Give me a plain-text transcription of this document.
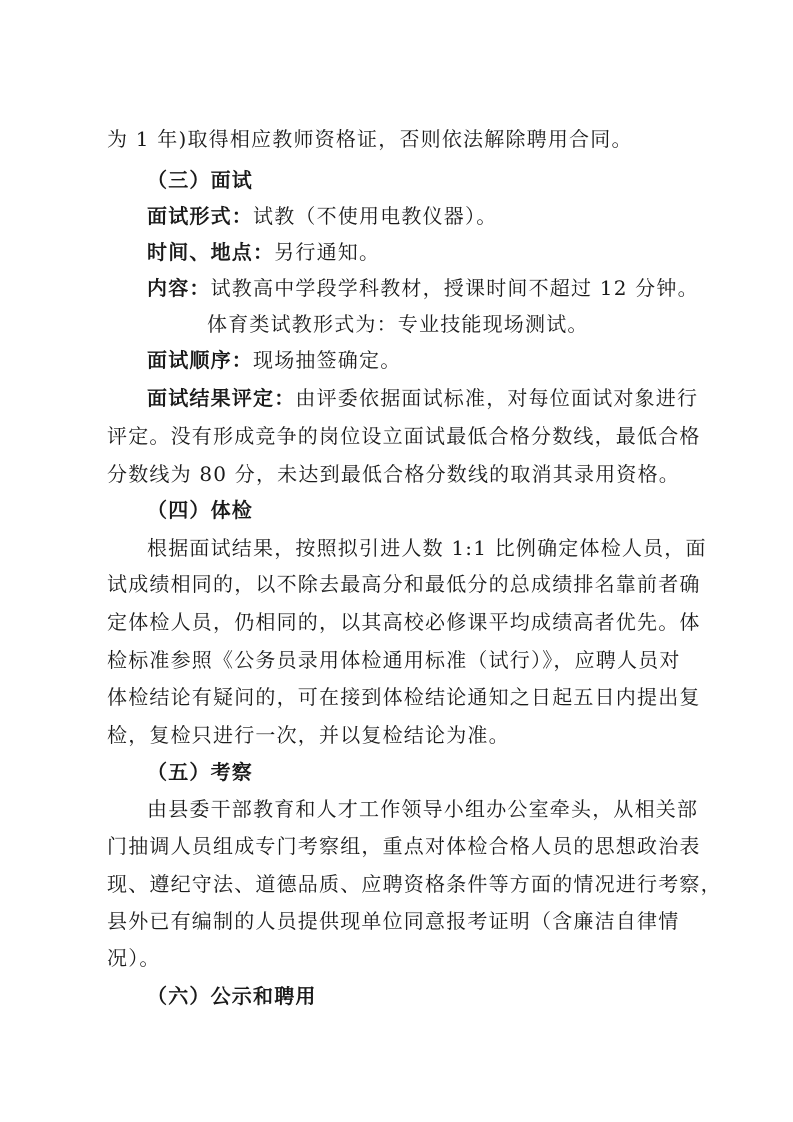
为 1 年)取得相应教师资格证，否则依法解除聘用合同。
（三）面试
面试形式：试教（不使用电教仪器）。
时间、地点：另行通知。
内容：试教高中学段学科教材，授课时间不超过 12 分钟。
体育类试教形式为：专业技能现场测试。
面试顺序：现场抽签确定。
面试结果评定：由评委依据面试标准，对每位面试对象进行
评定。没有形成竞争的岗位设立面试最低合格分数线，最低合格
分数线为 80 分，未达到最低合格分数线的取消其录用资格。
（四）体检
根据面试结果，按照拟引进人数 1:1 比例确定体检人员，面
试成绩相同的，以不除去最高分和最低分的总成绩排名靠前者确
定体检人员，仍相同的，以其高校必修课平均成绩高者优先。体
检标准参照《公务员录用体检通用标准（试行）》，应聘人员对
体检结论有疑问的，可在接到体检结论通知之日起五日内提出复
检，复检只进行一次，并以复检结论为准。
（五）考察
由县委干部教育和人才工作领导小组办公室牵头，从相关部
门抽调人员组成专门考察组，重点对体检合格人员的思想政治表
现、遵纪守法、道德品质、应聘资格条件等方面的情况进行考察，
县外已有编制的人员提供现单位同意报考证明（含廉洁自律情
况）。
（六）公示和聘用
